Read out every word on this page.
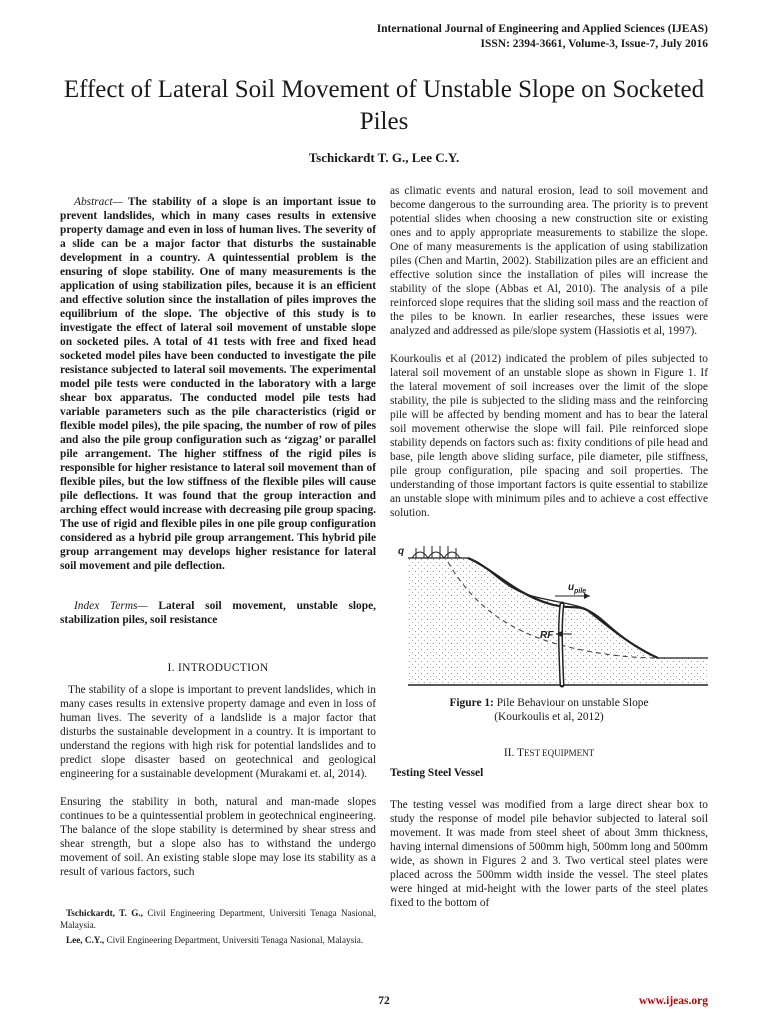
International Journal of Engineering and Applied Sciences (IJEAS)
ISSN: 2394-3661, Volume-3, Issue-7, July 2016
Effect of Lateral Soil Movement of Unstable Slope on Socketed Piles
Tschickardt T. G., Lee C.Y.

Abstract— The stability of a slope is an important issue to prevent landslides, which in many cases results in extensive property damage and even in loss of human lives. The severity of a slide can be a major factor that disturbs the sustainable development in a country. A quintessential problem is the ensuring of slope stability. One of many measurements is the application of using stabilization piles, because it is an efficient and effective solution since the installation of piles improves the equilibrium of the slope. The objective of this study is to investigate the effect of lateral soil movement of unstable slope on socketed piles. A total of 41 tests with free and fixed head socketed model piles have been conducted to investigate the pile resistance subjected to lateral soil movements. The experimental model pile tests were conducted in the laboratory with a large shear box apparatus. The conducted model pile tests had variable parameters such as the pile characteristics (rigid or flexible model piles), the pile spacing, the number of row of piles and also the pile group configuration such as ‘zigzag’ or parallel pile arrangement. The higher stiffness of the rigid piles is responsible for higher resistance to lateral soil movement than of flexible piles, but the low stiffness of the flexible piles will cause pile deflections. It was found that the group interaction and arching effect would increase with decreasing pile group spacing. The use of rigid and flexible piles in one pile group configuration considered as a hybrid pile group arrangement. This hybrid pile group arrangement may develops higher resistance for lateral soil movement and pile deflection.

Index Terms— Lateral soil movement, unstable slope, stabilization piles, soil resistance

I. INTRODUCTION

The stability of a slope is important to prevent landslides, which in many cases results in extensive property damage and even in loss of human lives. The severity of a landslide is a major factor that disturbs the sustainable development in a country. It is important to understand the regions with high risk for potential landslides and to predict slope disaster based on geotechnical and geological engineering for a sustainable development (Murakami et. al, 2014).

Ensuring the stability in both, natural and man-made slopes continues to be a quintessential problem in geotechnical engineering. The balance of the slope stability is determined by shear stress and shear strength, but a slope also has to withstand the undergo movement of soil. An existing stable slope may lose its stability as a result of various factors, such

Tschickardt, T. G., Civil Engineering Department, Universiti Tenaga Nasional, Malaysia.

Lee, C.Y., Civil Engineering Department, Universiti Tenaga Nasional, Malaysia.

as climatic events and natural erosion, lead to soil movement and become dangerous to the surrounding area. The priority is to prevent potential slides when choosing a new construction site or existing ones and to apply appropriate measurements to stabilize the slope. One of many measurements is the application of using stabilization piles (Chen and Martin, 2002). Stabilization piles are an efficient and effective solution since the installation of piles will increase the stability of the slope (Abbas et Al, 2010). The analysis of a pile reinforced slope requires that the sliding soil mass and the reaction of the piles to be known. In earlier researches, these issues were analyzed and addressed as pile/slope system (Hassiotis et al, 1997).

Kourkoulis et al (2012) indicated the problem of piles subjected to lateral soil movement of an unstable slope as shown in Figure 1. If the lateral movement of soil increases over the limit of the slope stability, the pile is subjected to the sliding mass and the reinforcing pile will be affected by bending moment and has to bear the lateral soil movement otherwise the slope will fail. Pile reinforced slope stability depends on factors such as: fixity conditions of pile head and base, pile length above sliding surface, pile diameter, pile stiffness, pile group configuration, pile spacing and soil properties. The understanding of those important factors is quite essential to stabilize an unstable slope with minimum piles and to achieve a cost effective solution.

q
$u_{pile}$
RF
Figure 1: Pile Behaviour on unstable Slope
(Kourkoulis et al, 2012)
II. TEST EQUIPMENT
Testing Steel Vessel

The testing vessel was modified from a large direct shear box to study the response of model pile behavior subjected to lateral soil movement. It was made from steel sheet of about 3mm thickness, having internal dimensions of 500mm high, 500mm long and 500mm wide, as shown in Figures 2 and 3. Two vertical steel plates were placed across the 500mm width inside the vessel. The steel plates were hinged at mid-height with the lower parts of the steel plates fixed to the bottom of

72	www.ijeas.org
